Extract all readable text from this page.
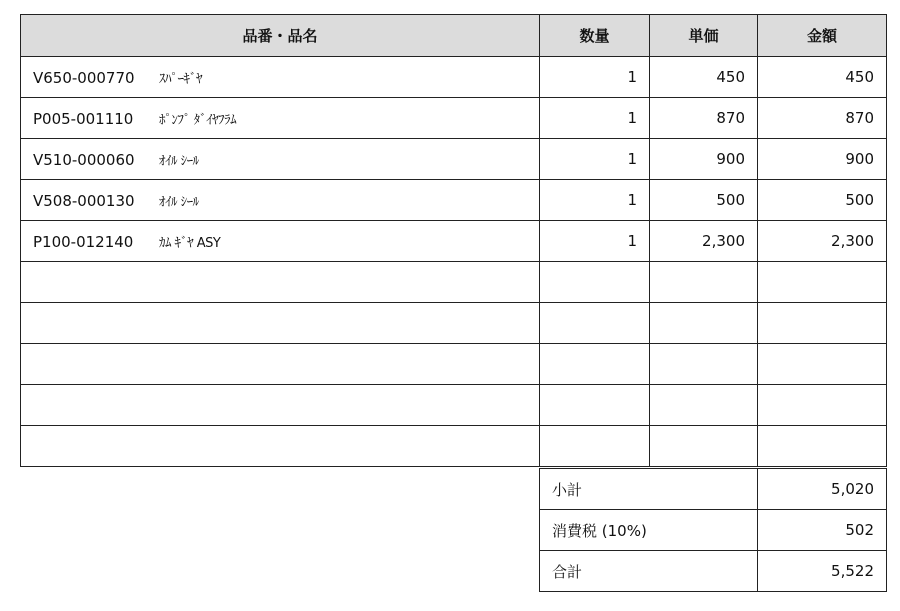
品番・品名	数量	単価	金額
V650-000770 ｽﾊﾟｰｷﾞﾔ	1	450	450
P005-001110 ﾎﾟﾝﾌﾟ ﾀﾞｲﾔﾌﾗﾑ	1	870	870
V510-000060 ｵｲﾙ ｼｰﾙ	1	900	900
V508-000130 ｵｲﾙ ｼｰﾙ	1	500	500
P100-012140 ｶﾑ ｷﾞﾔ ASY	1	2,300	2,300

小計	5,020
消費税 (10%)	502
合計	5,522
